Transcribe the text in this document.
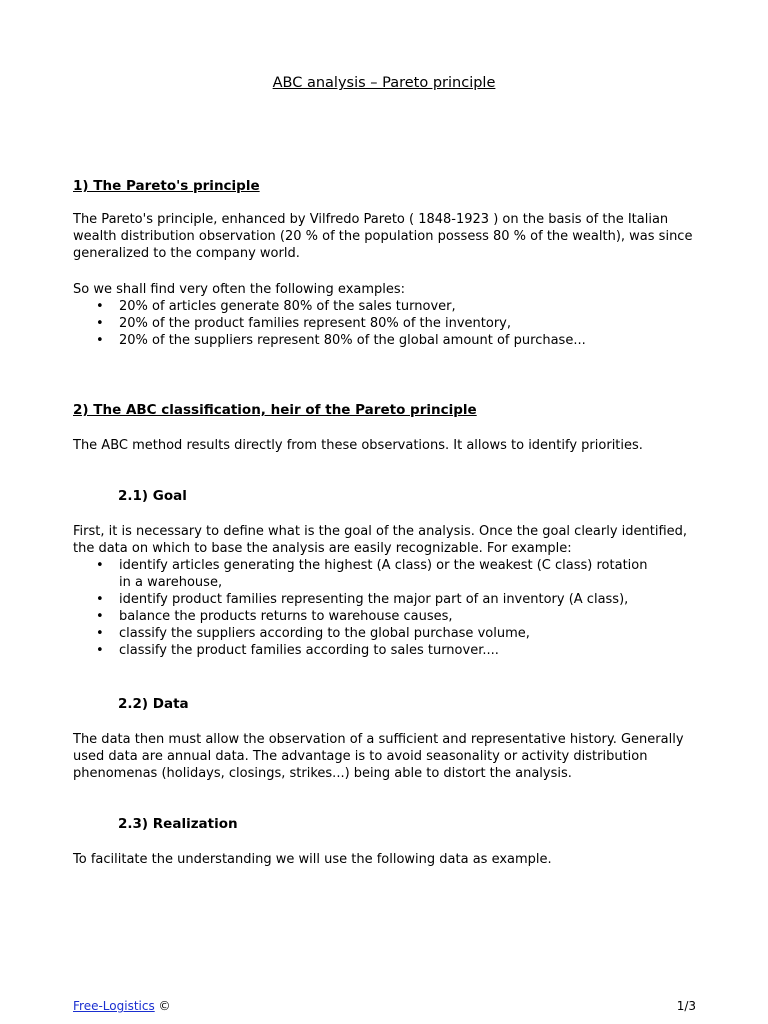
ABC analysis – Pareto principle
1) The Pareto's principle

The Pareto's principle, enhanced by Vilfredo Pareto ( 1848-1923 ) on the basis of the Italian wealth distribution observation (20 % of the population possess 80 % of the wealth), was since generalized to the company world.

So we shall find very often the following examples:

• 20% of articles generate 80% of the sales turnover,
• 20% of the product families represent 80% of the inventory,
• 20% of the suppliers represent 80% of the global amount of purchase...
2) The ABC classification, heir of the Pareto principle

The ABC method results directly from these observations. It allows to identify priorities.

2.1) Goal

First, it is necessary to define what is the goal of the analysis. Once the goal clearly identified, the data on which to base the analysis are easily recognizable. For example:

• identify articles generating the highest (A class) or the weakest (C class) rotation in a warehouse,
• identify product families representing the major part of an inventory (A class),
• balance the products returns to warehouse causes,
• classify the suppliers according to the global purchase volume,
• classify the product families according to sales turnover....
2.2) Data

The data then must allow the observation of a sufficient and representative history. Generally used data are annual data. The advantage is to avoid seasonality or activity distribution phenomenas (holidays, closings, strikes...) being able to distort the analysis.

2.3) Realization

To facilitate the understanding we will use the following data as example.

Free-Logistics ©	1/3
